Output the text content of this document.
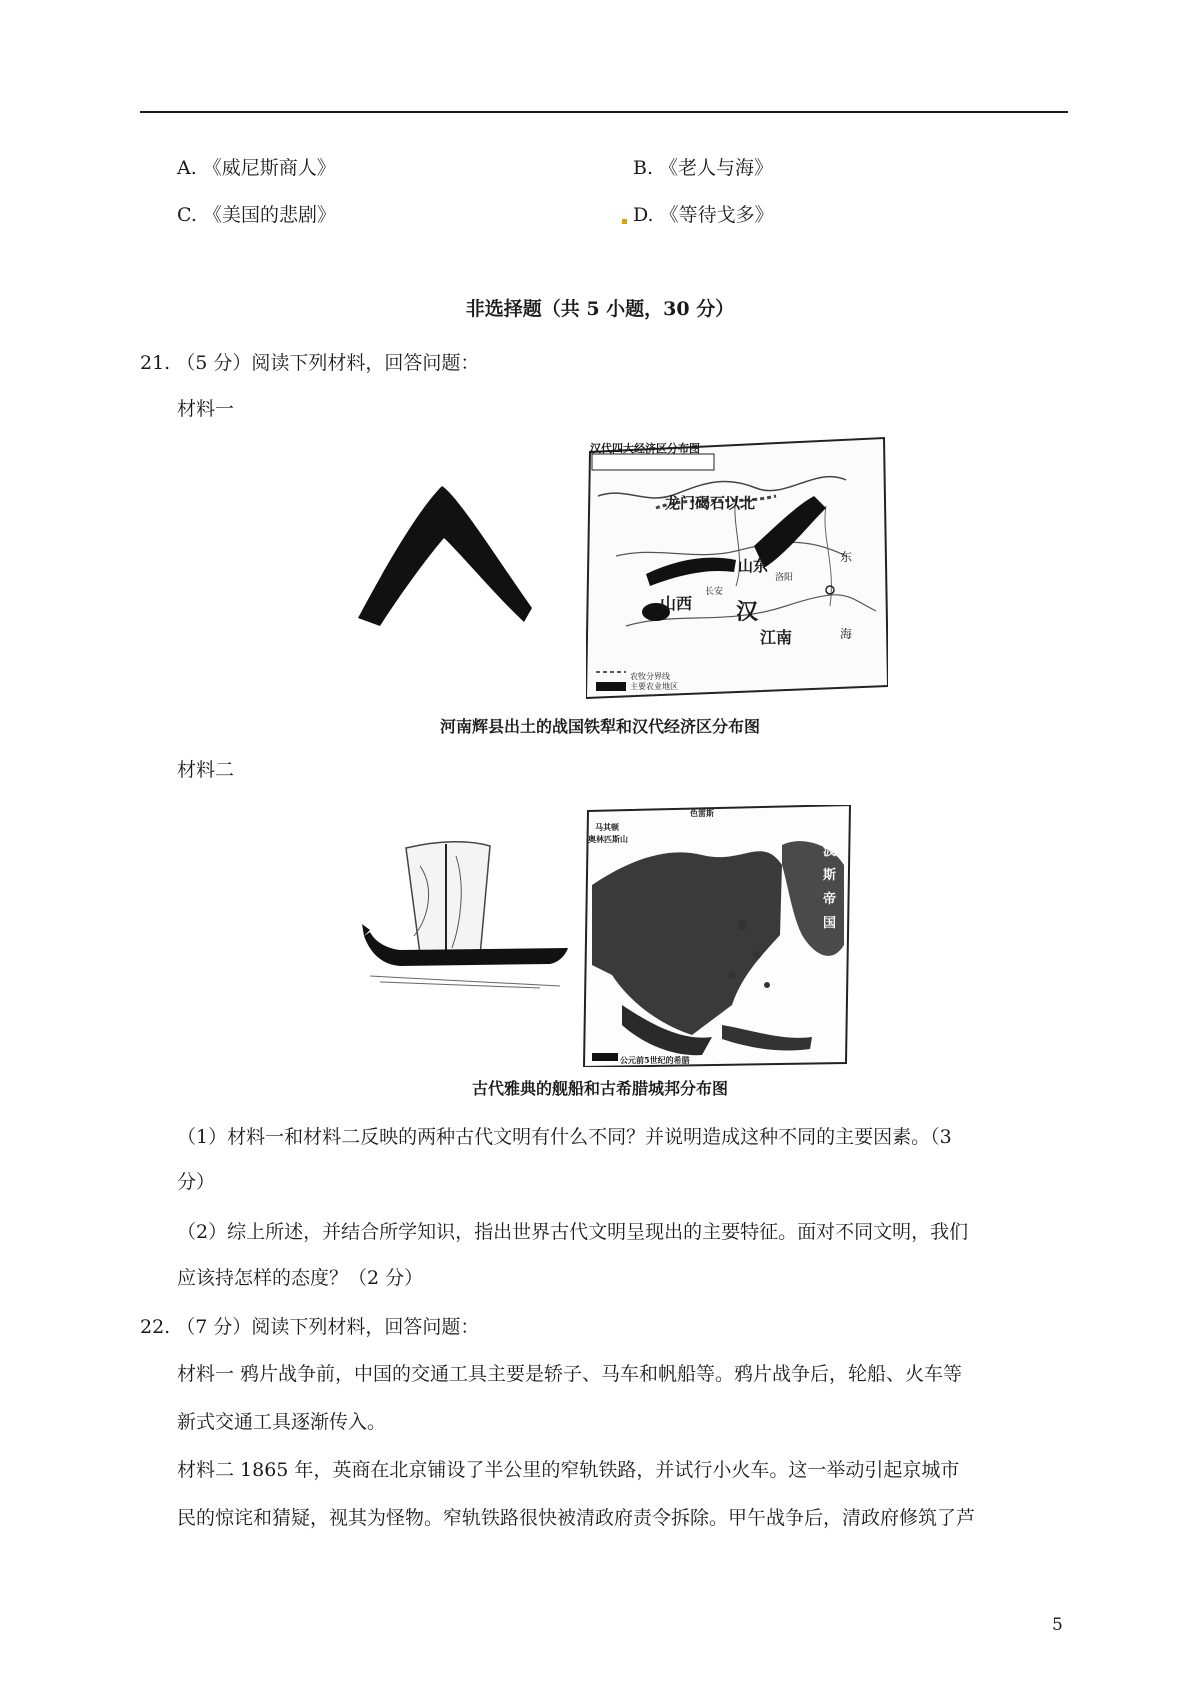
A. 《威尼斯商人》	B. 《老人与海》
C. 《美国的悲剧》	D. 《等待戈多》
非选择题（共 5 小题，30 分）
21. （5 分）阅读下列材料，回答问题：
材料一
汉代四大经济区分布图
龙门碣石以北
山西
山东
汉
江南
长安
洛阳
东
海
农牧分界线
主要农业地区
河南辉县出土的战国铁犁和汉代经济区分布图
材料二
色雷斯
马其顿
奥林匹斯山
波斯帝国
公元前5世纪的希腊
古代雅典的舰船和古希腊城邦分布图
（1）材料一和材料二反映的两种古代文明有什么不同？并说明造成这种不同的主要因素。（3
分）
（2）综上所述，并结合所学知识，指出世界古代文明呈现出的主要特征。面对不同文明，我们
应该持怎样的态度？（2 分）
22. （7 分）阅读下列材料，回答问题：
材料一 鸦片战争前，中国的交通工具主要是轿子、马车和帆船等。鸦片战争后，轮船、火车等
新式交通工具逐渐传入。
材料二 1865 年，英商在北京铺设了半公里的窄轨铁路，并试行小火车。这一举动引起京城市
民的惊诧和猜疑，视其为怪物。窄轨铁路很快被清政府责令拆除。甲午战争后，清政府修筑了芦
5
